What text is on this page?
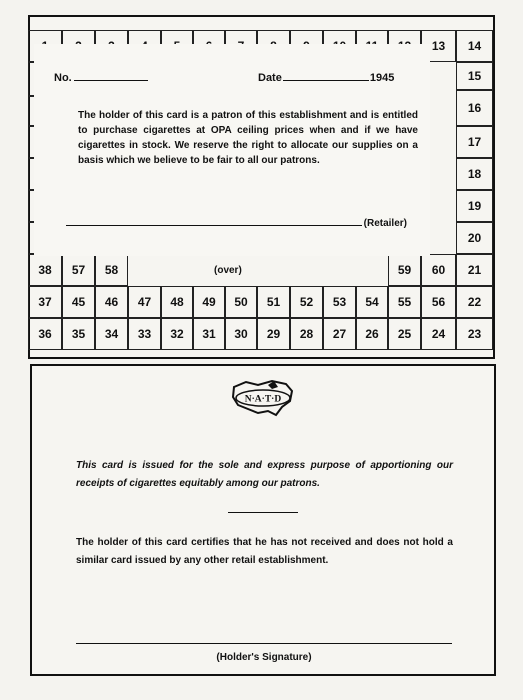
13	14
15
16
17
18
19
20
38	57	58	59	60	21
37	45	46	47	48	49	50	51	52	53	54	55	56	22
36	35	34	33	32	31	30	29	28	27	26	25	24	23
No.	Date	1945
The holder of this card is a patron of this establishment and is entitled to purchase cigarettes at OPA ceiling prices when and if we have cigarettes in stock. We reserve the right to allocate our supplies on a basis which we believe to be fair to all our patrons.
(Retailer)
(over)
N·A·T·D
This card is issued for the sole and express purpose of apportioning our receipts of cigarettes equitably among our patrons.
The holder of this card certifies that he has not received and does not hold a similar card issued by any other retail establishment.
(Holder's Signature)
